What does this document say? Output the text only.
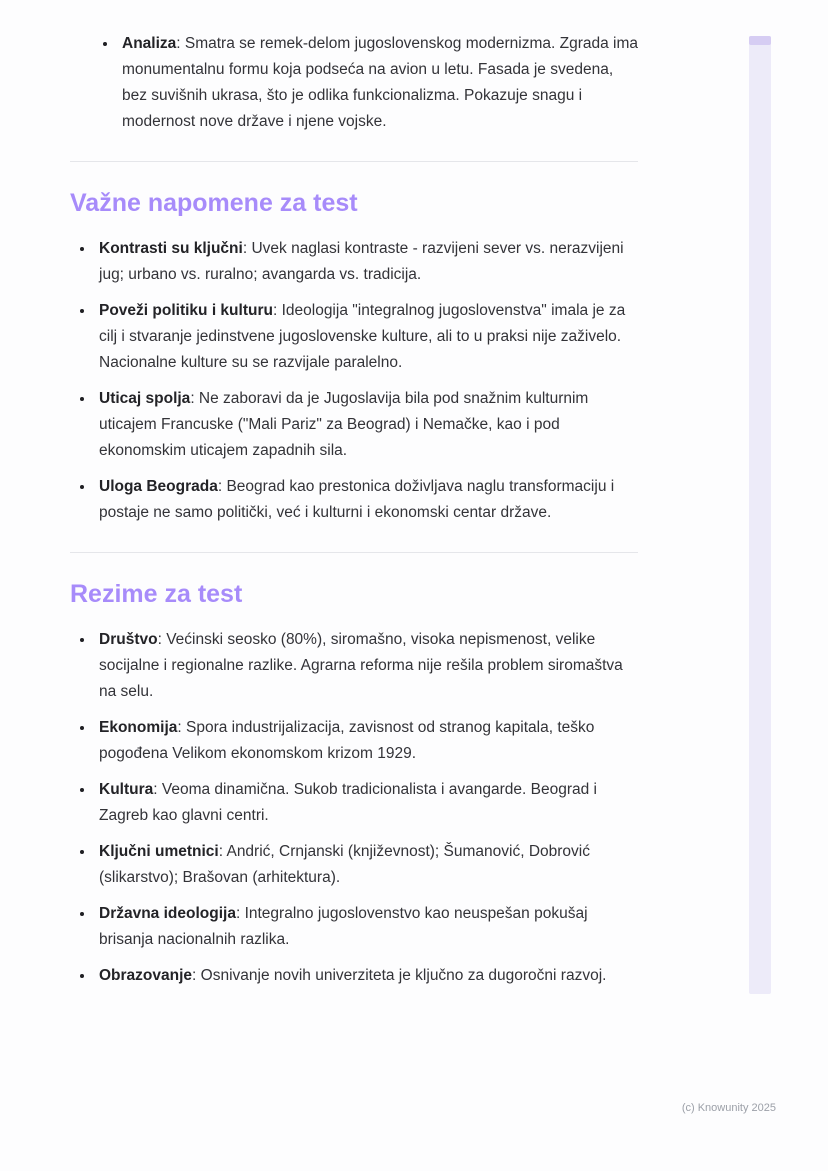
• Analiza: Smatra se remek-delom jugoslovenskog modernizma. Zgrada ima monumentalnu formu koja podseća na avion u letu. Fasada je svedena, bez suvišnih ukrasa, što je odlika funkcionalizma. Pokazuje snagu i modernost nove države i njene vojske.
Važne napomene za test
• Kontrasti su ključni: Uvek naglasi kontraste - razvijeni sever vs. nerazvijeni jug; urbano vs. ruralno; avangarda vs. tradicija.
• Poveži politiku i kulturu: Ideologija "integralnog jugoslovenstva" imala je za cilj i stvaranje jedinstvene jugoslovenske kulture, ali to u praksi nije zaživelo. Nacionalne kulture su se razvijale paralelno.
• Uticaj spolja: Ne zaboravi da je Jugoslavija bila pod snažnim kulturnim uticajem Francuske ("Mali Pariz" za Beograd) i Nemačke, kao i pod ekonomskim uticajem zapadnih sila.
• Uloga Beograda: Beograd kao prestonica doživljava naglu transformaciju i postaje ne samo politički, već i kulturni i ekonomski centar države.
Rezime za test
• Društvo: Većinski seosko (80%), siromašno, visoka nepismenost, velike socijalne i regionalne razlike. Agrarna reforma nije rešila problem siromaštva na selu.
• Ekonomija: Spora industrijalizacija, zavisnost od stranog kapitala, teško pogođena Velikom ekonomskom krizom 1929.
• Kultura: Veoma dinamična. Sukob tradicionalista i avangarde. Beograd i Zagreb kao glavni centri.
• Ključni umetnici: Andrić, Crnjanski (književnost); Šumanović, Dobrović (slikarstvo); Brašovan (arhitektura).
• Državna ideologija: Integralno jugoslovenstvo kao neuspešan pokušaj brisanja nacionalnih razlika.
• Obrazovanje: Osnivanje novih univerziteta je ključno za dugoročni razvoj.
(c) Knowunity 2025
